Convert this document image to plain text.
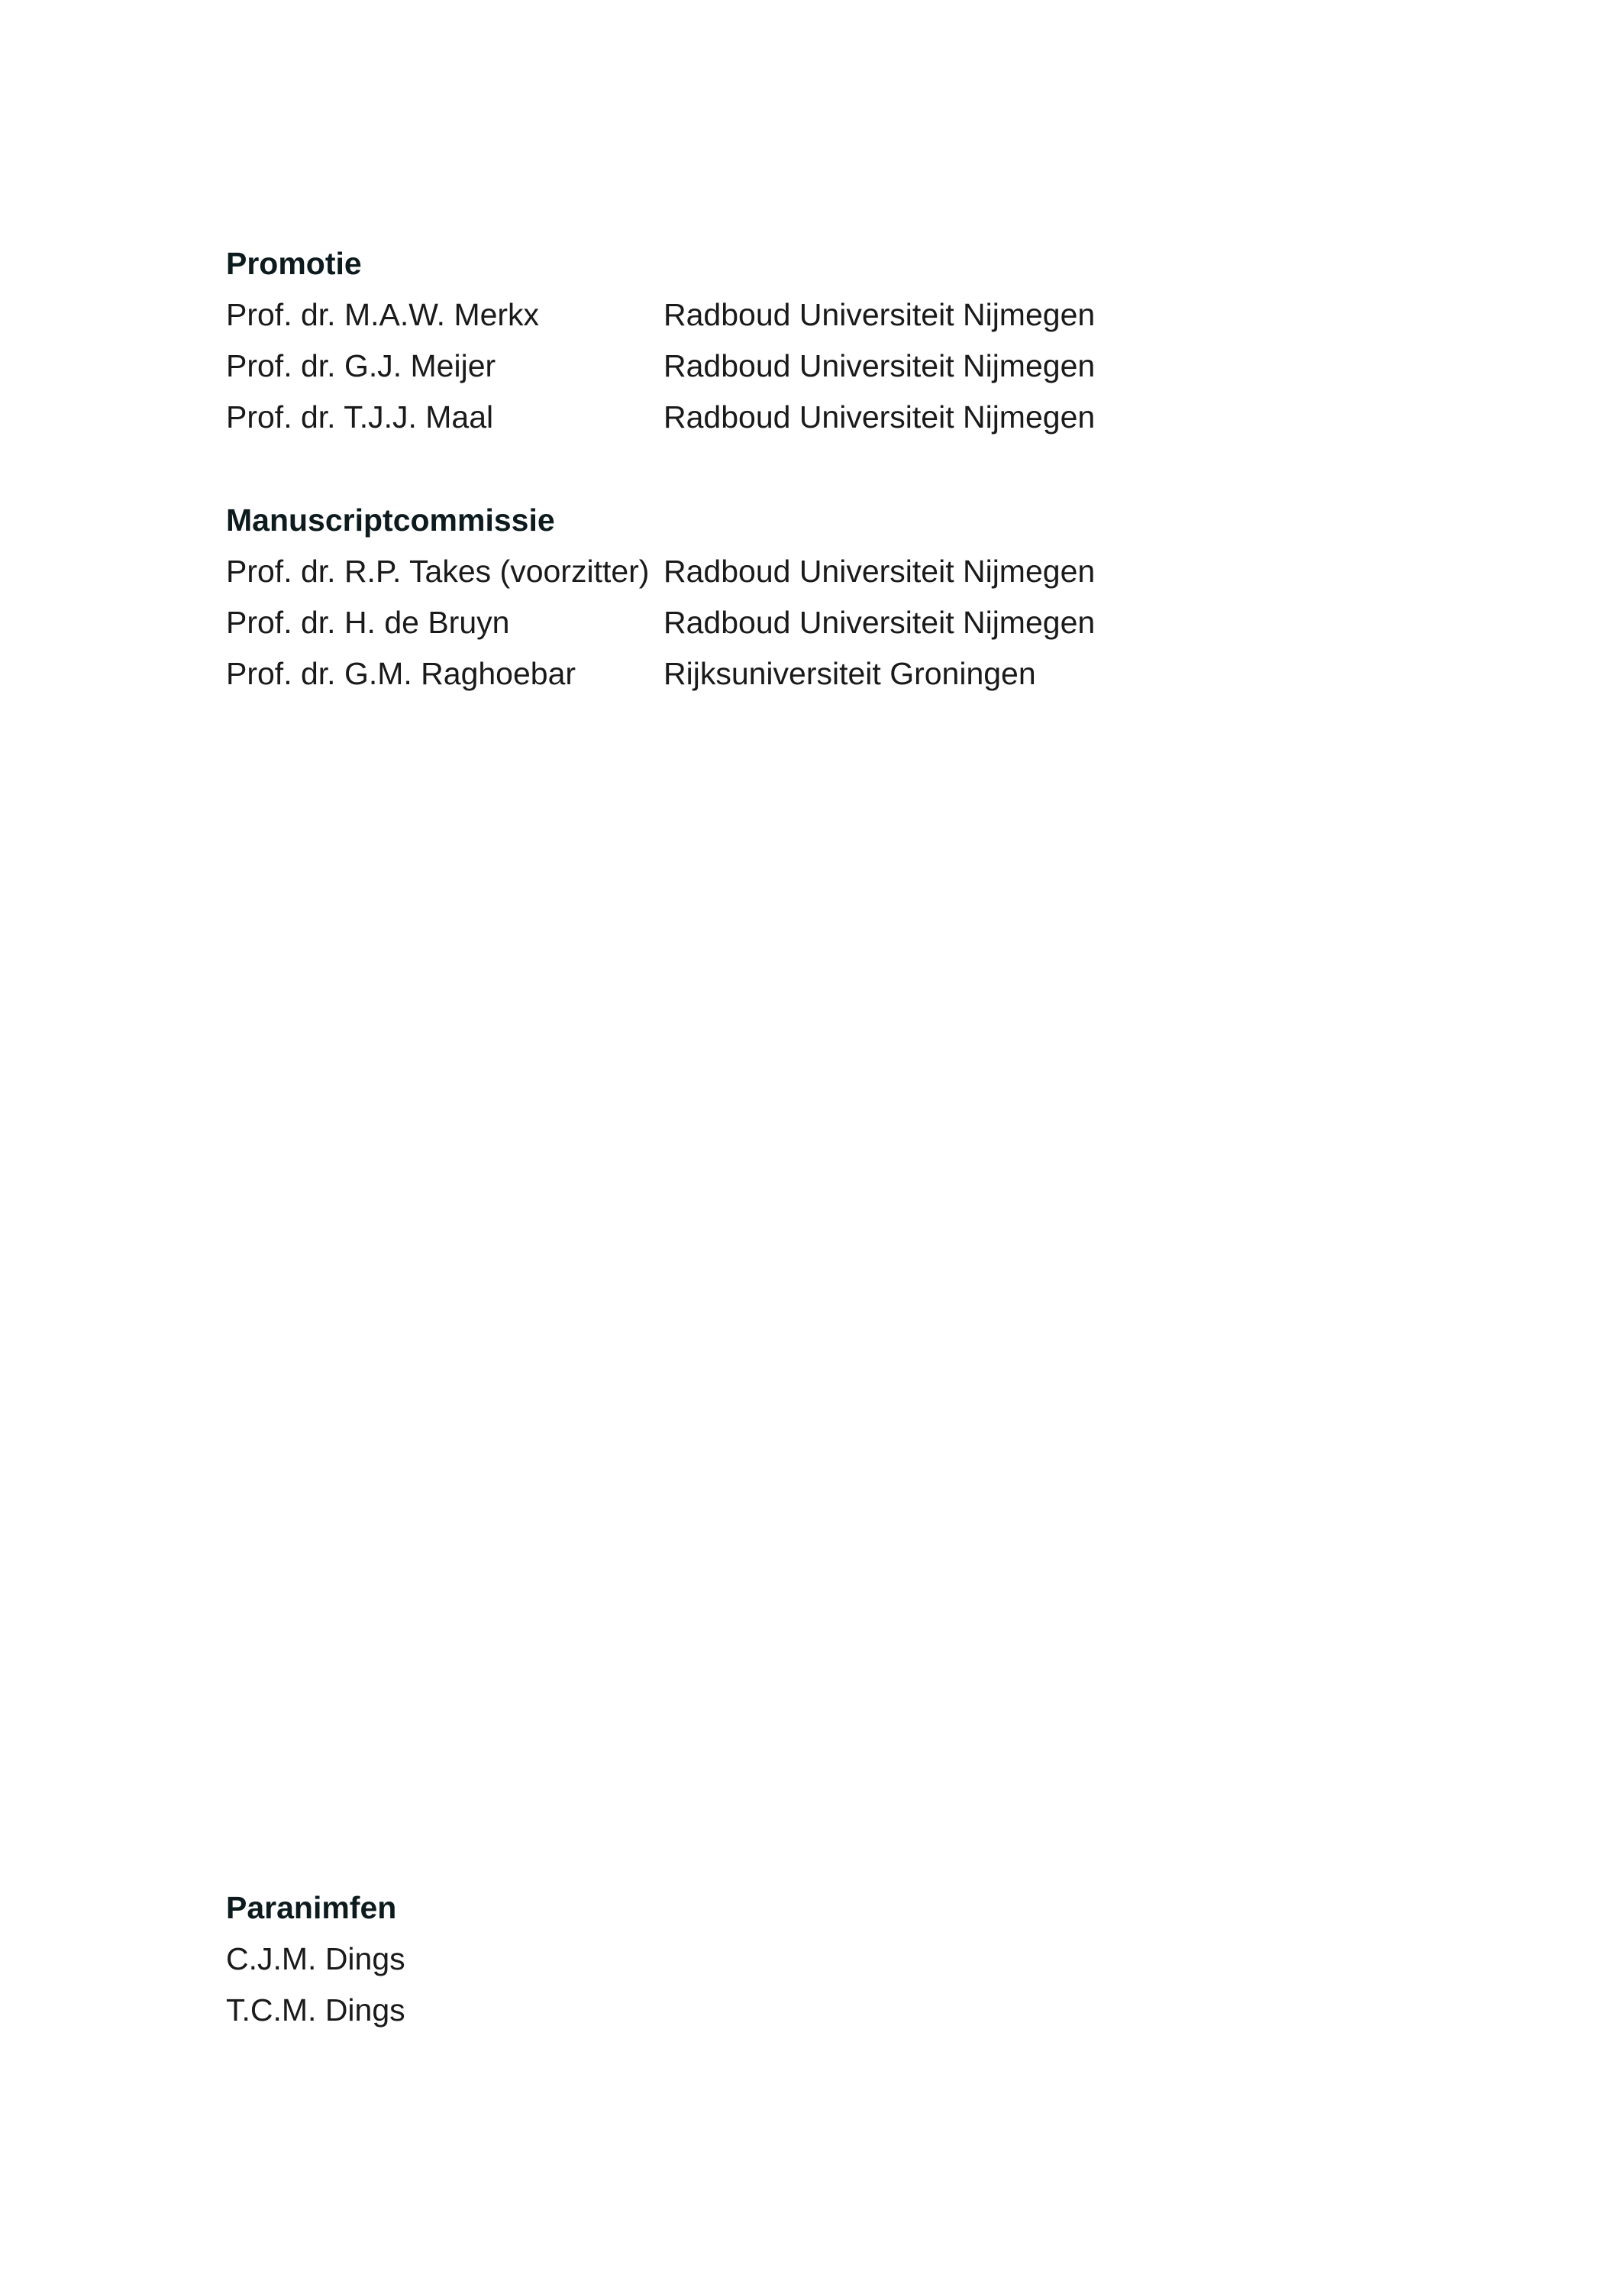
Promotie
Prof. dr. M.A.W. Merkx	Radboud Universiteit Nijmegen
Prof. dr. G.J. Meijer	Radboud Universiteit Nijmegen
Prof. dr. T.J.J. Maal	Radboud Universiteit Nijmegen
Manuscriptcommissie
Prof. dr. R.P. Takes (voorzitter) Radboud Universiteit Nijmegen
Prof. dr. H. de Bruyn	Radboud Universiteit Nijmegen
Prof. dr. G.M. Raghoebar	Rijksuniversiteit Groningen
Paranimfen
C.J.M. Dings
T.C.M. Dings
